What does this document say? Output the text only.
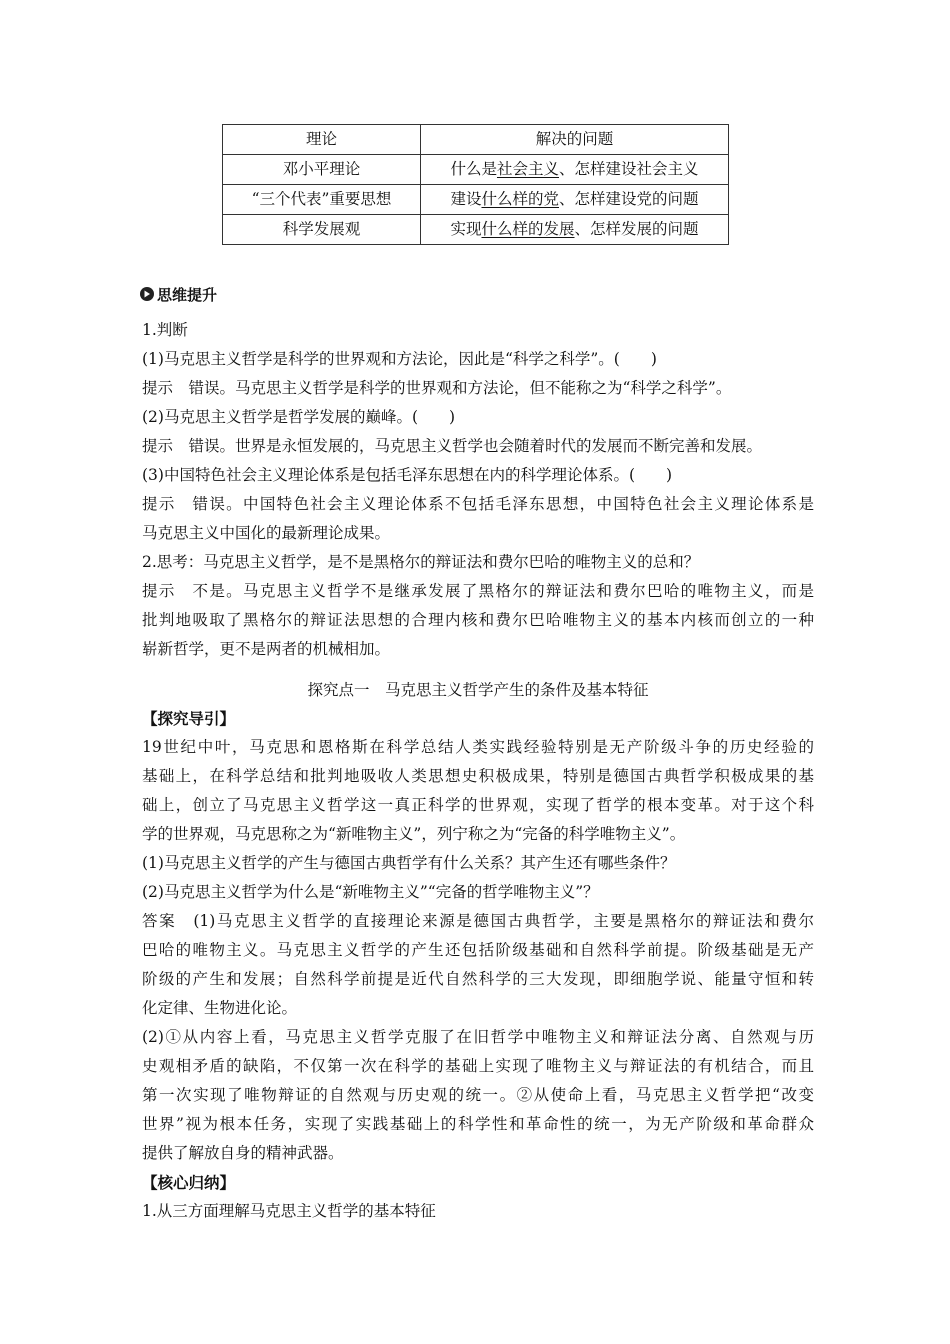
理论	解决的问题
邓小平理论	什么是社会主义、怎样建设社会主义
“三个代表”重要思想	建设什么样的党、怎样建设党的问题
科学发展观	实现什么样的发展、怎样发展的问题
思维提升
1.判断
(1)马克思主义哲学是科学的世界观和方法论，因此是“科学之科学”。(　　)
提示　错误。马克思主义哲学是科学的世界观和方法论，但不能称之为“科学之科学”。
(2)马克思主义哲学是哲学发展的巅峰。(　　)
提示　错误。世界是永恒发展的，马克思主义哲学也会随着时代的发展而不断完善和发展。
(3)中国特色社会主义理论体系是包括毛泽东思想在内的科学理论体系。(　　)
提示　错误。中国特色社会主义理论体系不包括毛泽东思想，中国特色社会主义理论体系是
马克思主义中国化的最新理论成果。
2.思考：马克思主义哲学，是不是黑格尔的辩证法和费尔巴哈的唯物主义的总和？
提示　不是。马克思主义哲学不是继承发展了黑格尔的辩证法和费尔巴哈的唯物主义，而是
批判地吸取了黑格尔的辩证法思想的合理内核和费尔巴哈唯物主义的基本内核而创立的一种
崭新哲学，更不是两者的机械相加。
探究点一　马克思主义哲学产生的条件及基本特征
【探究导引】
19世纪中叶，马克思和恩格斯在科学总结人类实践经验特别是无产阶级斗争的历史经验的
基础上，在科学总结和批判地吸收人类思想史积极成果，特别是德国古典哲学积极成果的基
础上，创立了马克思主义哲学这一真正科学的世界观，实现了哲学的根本变革。对于这个科
学的世界观，马克思称之为“新唯物主义”，列宁称之为“完备的科学唯物主义”。
(1)马克思主义哲学的产生与德国古典哲学有什么关系？其产生还有哪些条件？
(2)马克思主义哲学为什么是“新唯物主义”“完备的哲学唯物主义”？
答案　(1)马克思主义哲学的直接理论来源是德国古典哲学，主要是黑格尔的辩证法和费尔
巴哈的唯物主义。马克思主义哲学的产生还包括阶级基础和自然科学前提。阶级基础是无产
阶级的产生和发展；自然科学前提是近代自然科学的三大发现，即细胞学说、能量守恒和转
化定律、生物进化论。
(2)①从内容上看，马克思主义哲学克服了在旧哲学中唯物主义和辩证法分离、自然观与历
史观相矛盾的缺陷，不仅第一次在科学的基础上实现了唯物主义与辩证法的有机结合，而且
第一次实现了唯物辩证的自然观与历史观的统一。②从使命上看，马克思主义哲学把“改变
世界”视为根本任务，实现了实践基础上的科学性和革命性的统一，为无产阶级和革命群众
提供了解放自身的精神武器。
【核心归纳】
1.从三方面理解马克思主义哲学的基本特征
